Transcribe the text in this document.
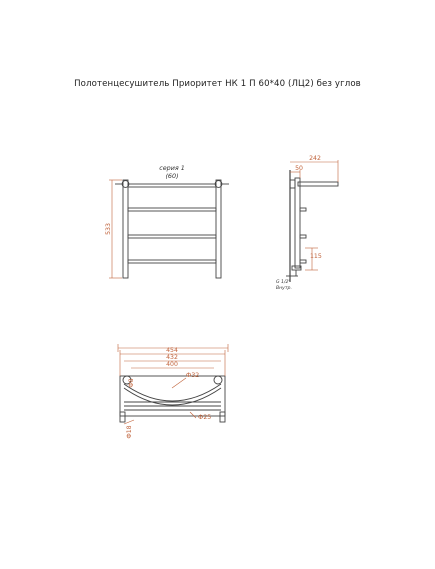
Полотенцесушитель Приоритет НК 1 П 60*40 (ЛЦ2) без углов
533
серия 1
(60)
242
50
115
G 1/2"
Внутр.
454
432
400
Ф32
Ф8
Ф25
Ф18
